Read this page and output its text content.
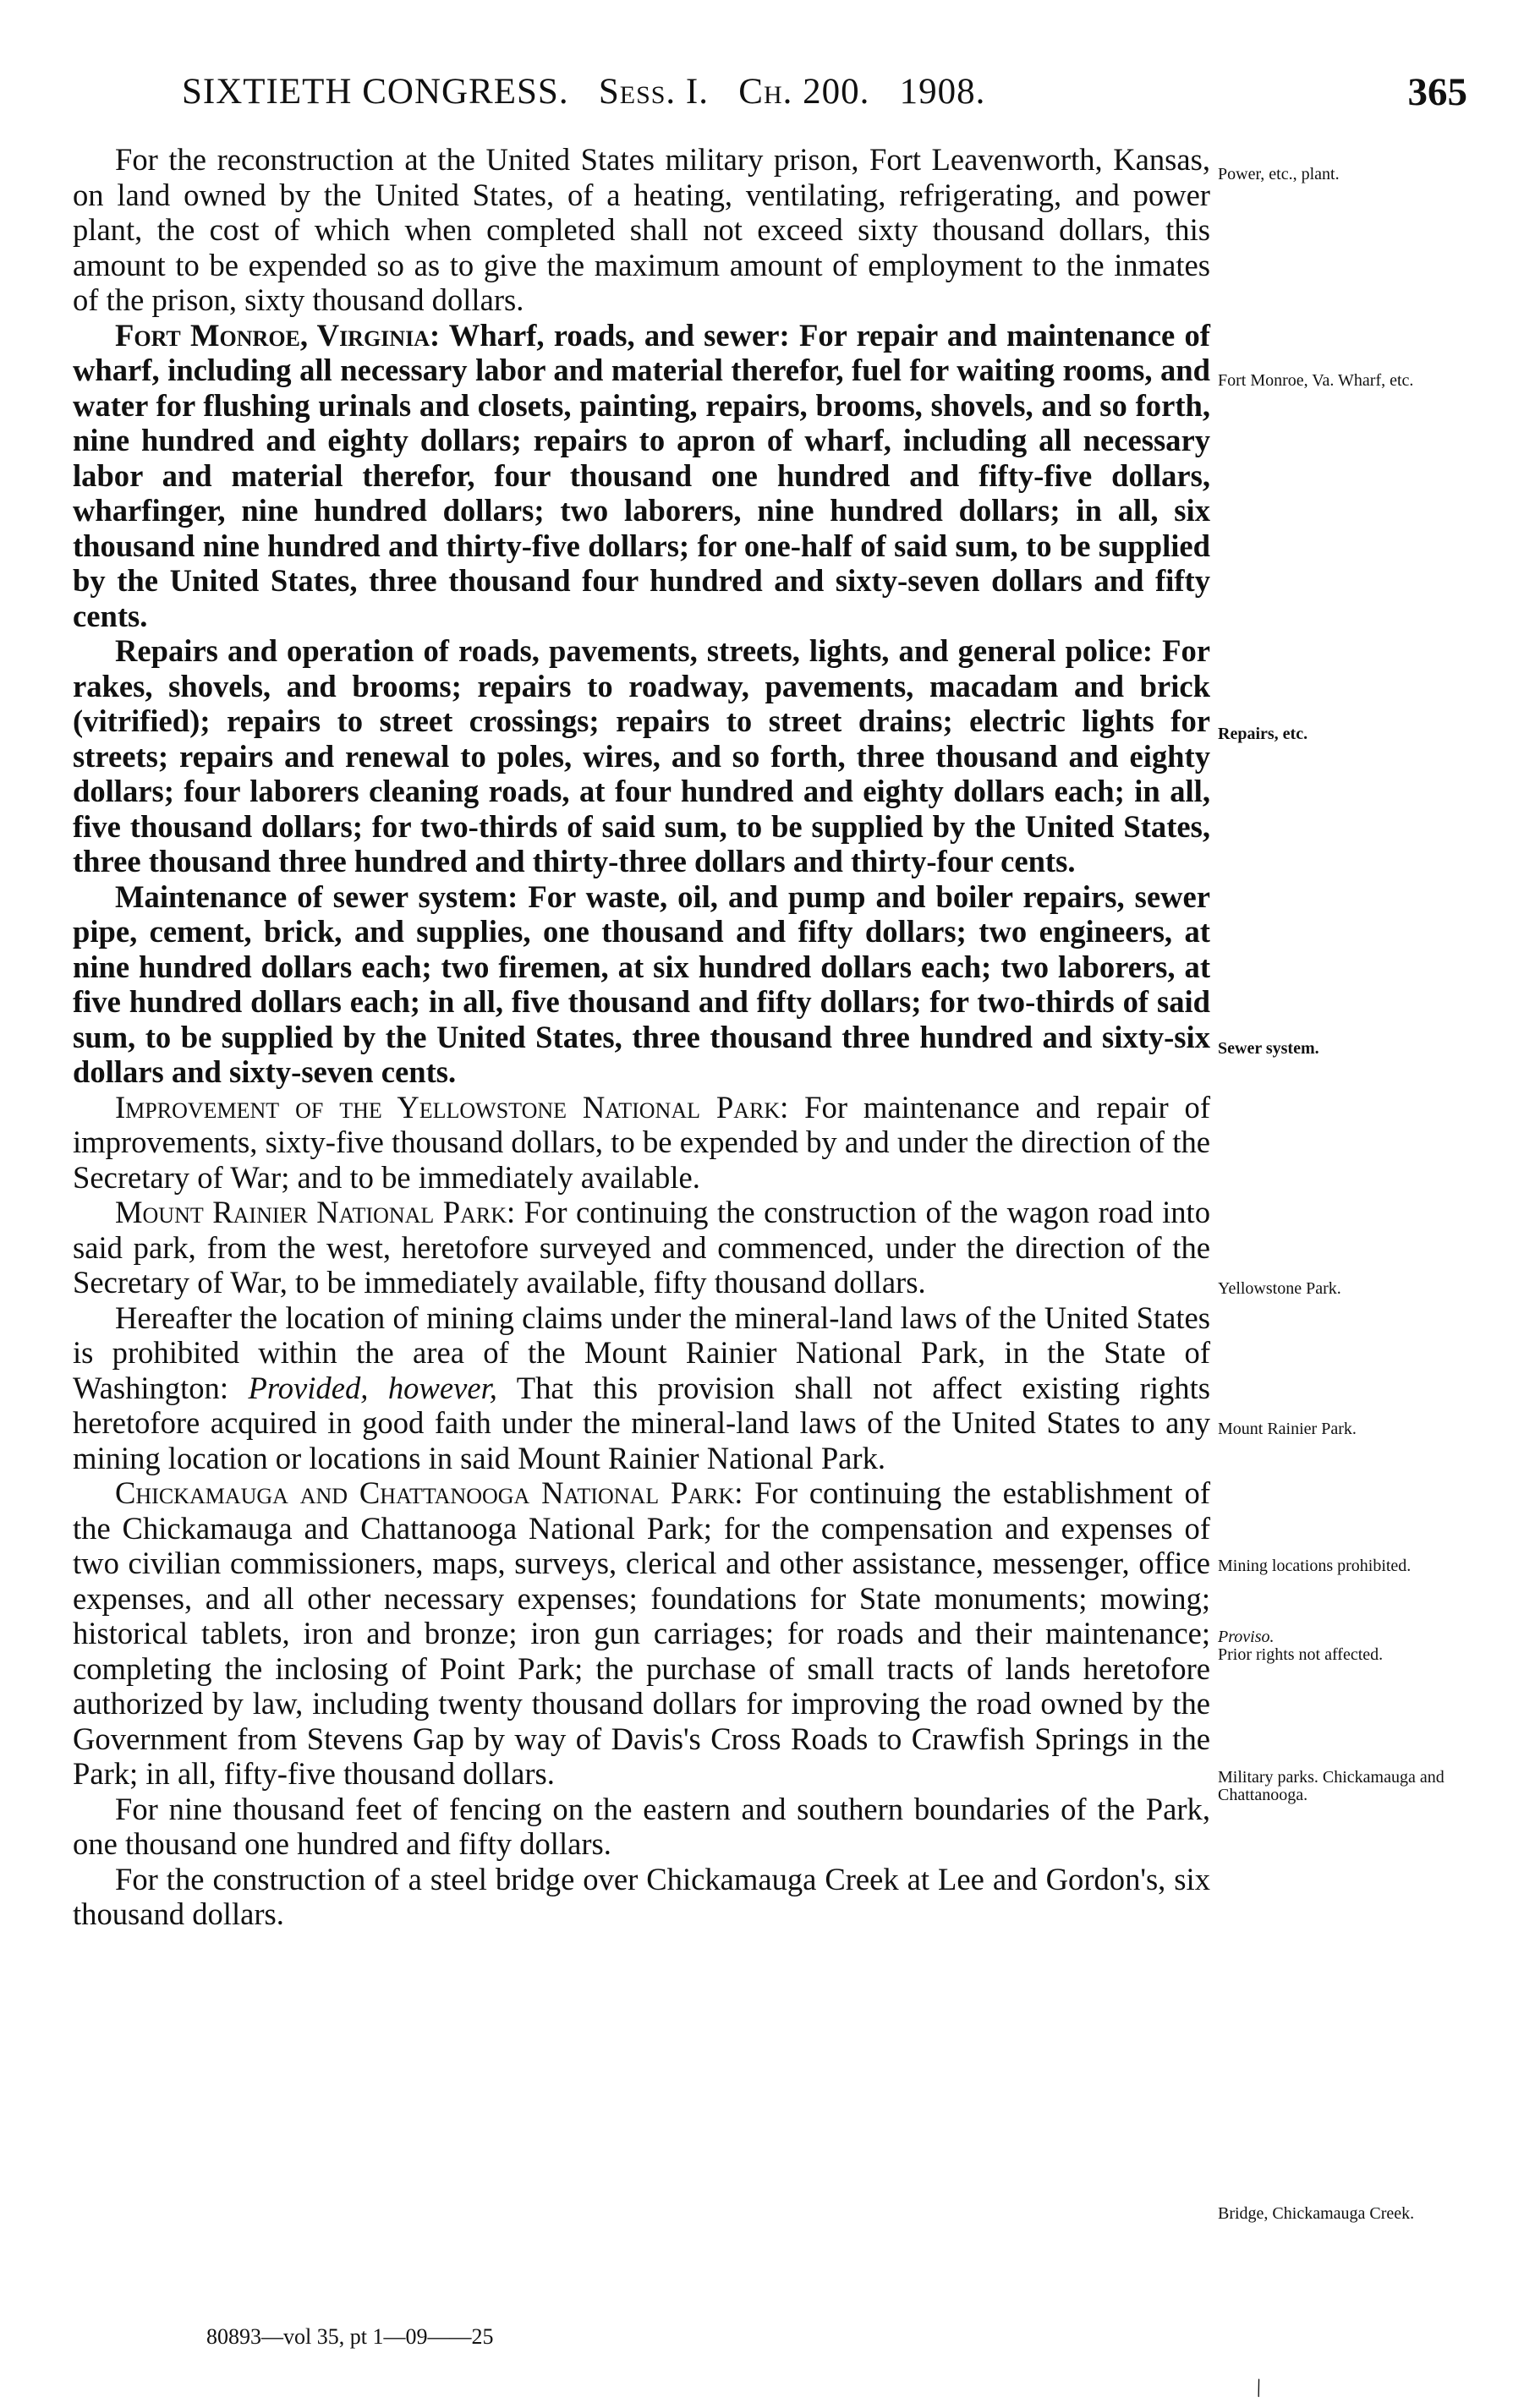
SIXTIETH CONGRESS. Sess. I. Ch. 200. 1908.	365

For the reconstruction at the United States military prison, Fort Leavenworth, Kansas, on land owned by the United States, of a heating, ventilating, refrigerating, and power plant, the cost of which when completed shall not exceed sixty thousand dollars, this amount to be expended so as to give the maximum amount of employment to the inmates of the prison, sixty thousand dollars.

Fort Monroe, Virginia: Wharf, roads, and sewer: For repair and maintenance of wharf, including all necessary labor and material therefor, fuel for waiting rooms, and water for flushing urinals and closets, painting, repairs, brooms, shovels, and so forth, nine hundred and eighty dollars; repairs to apron of wharf, including all necessary labor and material therefor, four thousand one hundred and fifty-five dollars, wharfinger, nine hundred dollars; two laborers, nine hundred dollars; in all, six thousand nine hundred and thirty-five dollars; for one-half of said sum, to be supplied by the United States, three thousand four hundred and sixty-seven dollars and fifty cents.

Repairs and operation of roads, pavements, streets, lights, and general police: For rakes, shovels, and brooms; repairs to roadway, pavements, macadam and brick (vitrified); repairs to street crossings; repairs to street drains; electric lights for streets; repairs and renewal to poles, wires, and so forth, three thousand and eighty dollars; four laborers cleaning roads, at four hundred and eighty dollars each; in all, five thousand dollars; for two-thirds of said sum, to be supplied by the United States, three thousand three hundred and thirty-three dollars and thirty-four cents.

Maintenance of sewer system: For waste, oil, and pump and boiler repairs, sewer pipe, cement, brick, and supplies, one thousand and fifty dollars; two engineers, at nine hundred dollars each; two firemen, at six hundred dollars each; two laborers, at five hundred dollars each; in all, five thousand and fifty dollars; for two-thirds of said sum, to be supplied by the United States, three thousand three hundred and sixty-six dollars and sixty-seven cents.

Improvement of the Yellowstone National Park: For maintenance and repair of improvements, sixty-five thousand dollars, to be expended by and under the direction of the Secretary of War; and to be immediately available.

Mount Rainier National Park: For continuing the construction of the wagon road into said park, from the west, heretofore surveyed and commenced, under the direction of the Secretary of War, to be immediately available, fifty thousand dollars.

Hereafter the location of mining claims under the mineral-land laws of the United States is prohibited within the area of the Mount Rainier National Park, in the State of Washington: Provided, however, That this provision shall not affect existing rights heretofore acquired in good faith under the mineral-land laws of the United States to any mining location or locations in said Mount Rainier National Park.

Chickamauga and Chattanooga National Park: For continuing the establishment of the Chickamauga and Chattanooga National Park; for the compensation and expenses of two civilian commissioners, maps, surveys, clerical and other assistance, messenger, office expenses, and all other necessary expenses; foundations for State monuments; mowing; historical tablets, iron and bronze; iron gun carriages; for roads and their maintenance; completing the inclosing of Point Park; the purchase of small tracts of lands heretofore authorized by law, including twenty thousand dollars for improving the road owned by the Government from Stevens Gap by way of Davis's Cross Roads to Crawfish Springs in the Park; in all, fifty-five thousand dollars.

For nine thousand feet of fencing on the eastern and southern boundaries of the Park, one thousand one hundred and fifty dollars.

For the construction of a steel bridge over Chickamauga Creek at Lee and Gordon's, six thousand dollars.

Power, etc., plant.
Fort Monroe, Va. Wharf, etc.
Repairs, etc.
Sewer system.
Yellowstone Park.
Mount Rainier Park.
Mining locations prohibited.
Proviso.
Prior rights not affected.
Military parks. Chickamauga and Chattanooga.
Bridge, Chickamauga Creek.
80893—vol 35, pt 1—09——25
\
